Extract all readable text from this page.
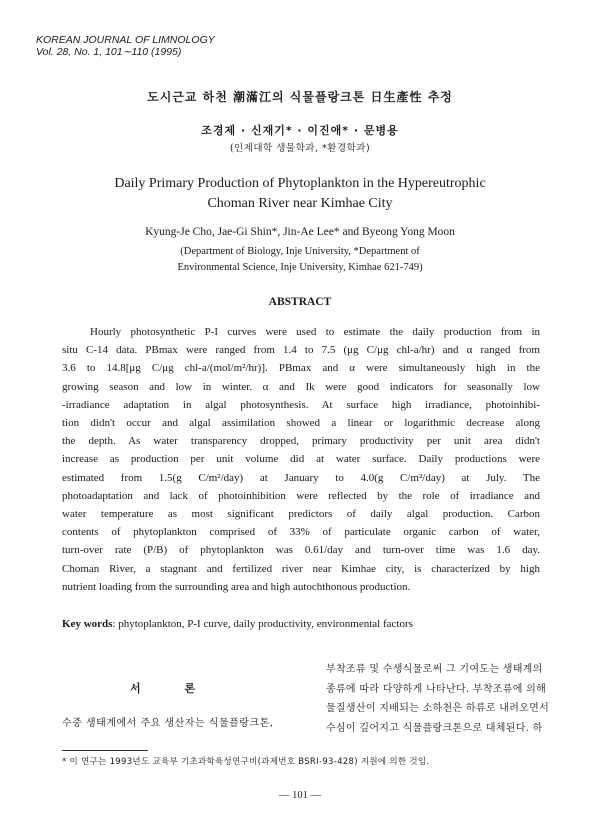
KOREAN JOURNAL OF LIMNOLOGY
Vol. 28, No. 1, 101∼110 (1995)
도시근교 하천 潮滿江의 식물플랑크톤 日生產性 추정
조경제 · 신재기* · 이진애* · 문병용
(인제대학 생물학과, *환경학과)
Daily Primary Production of Phytoplankton in the Hypereutrophic
Choman River near Kimhae City
Kyung-Je Cho, Jae-Gi Shin*, Jin-Ae Lee* and Byeong Yong Moon
(Department of Biology, Inje University, *Department of
Environmental Science, Inje University, Kimhae 621-749)
ABSTRACT
Hourly photosynthetic P-I curves were used to estimate the daily production from in
situ C-14 data. PBmax were ranged from 1.4 to 7.5 (μg C/μg chl-a/hr) and α ranged from
3.6 to 14.8[μg C/μg chl-a/(mol/m²/hr)]. PBmax and α were simultaneously high in the
growing season and low in winter. α and Ik were good indicators for seasonally low
-irradiance adaptation in algal photosynthesis. At surface high irradiance, photoinhibi-
tion didn't occur and algal assimilation showed a linear or logarithmic decrease along
the depth. As water transparency dropped, primary productivity per unit area didn't
increase as production per unit volume did at water surface. Daily productions were
estimated from 1.5(g C/m²/day) at January to 4.0(g C/m²/day) at July. The
photoadaptation and lack of photoinhibition were reflected by the role of irradiance and
water temperature as most significant predictors of daily algal production. Carbon
contents of phytoplankton comprised of 33% of particulate organic carbon of water,
turn-over rate (P/B) of phytoplankton was 0.61/day and turn-over time was 1.6 day.
Choman River, a stagnant and fertilized river near Kimhae city, is characterized by high
nutrient loading from the surrounding area and high autochthonous production.
Key words: phytoplankton, P-I curve, daily productivity, environmental factors
서 론
수중 생태계에서 주요 생산자는 식물플랑크톤,
부착조류 및 수생식물로써 그 기여도는 생태계의
종류에 따라 다양하게 나타난다. 부착조류에 의해
물질생산이 지배되는 소하천은 하류로 내려오면서
수심이 깊어지고 식물플랑크톤으로 대체된다. 하
* 이 연구는 1993년도 교육부 기초과학육성연구비(과제번호 BSRI-93-428) 지원에 의한 것임.
— 101 —
